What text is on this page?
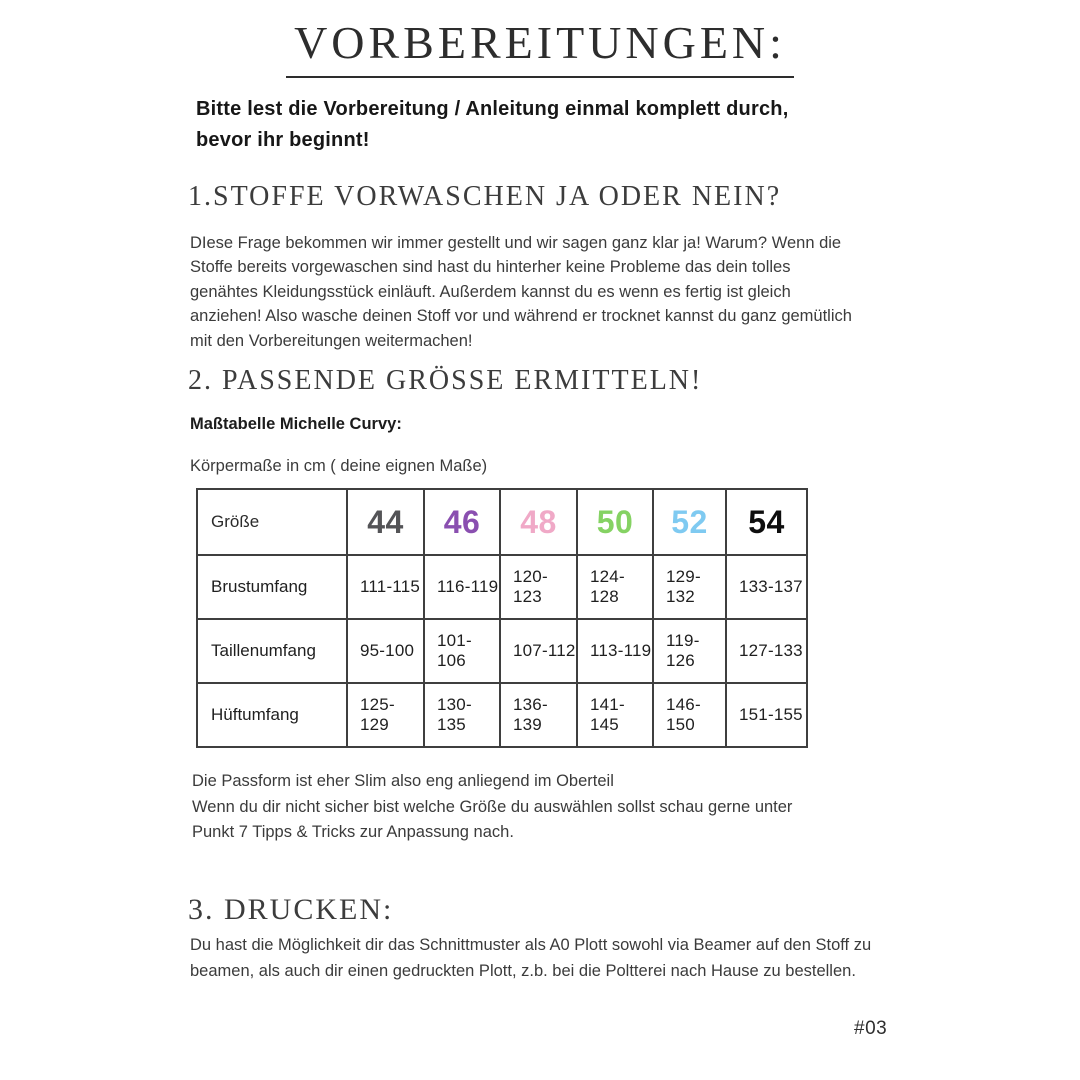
VORBEREITUNGEN:
Bitte lest die Vorbereitung / Anleitung einmal komplett durch,
bevor ihr beginnt!
1.STOFFE VORWASCHEN JA ODER NEIN?
DIese Frage bekommen wir immer gestellt und wir sagen ganz klar ja! Warum? Wenn die Stoffe bereits vorgewaschen sind hast du hinterher keine Probleme das dein tolles genähtes Kleidungsstück einläuft. Außerdem kannst du es wenn es fertig ist gleich anziehen! Also wasche deinen Stoff vor und während er trocknet kannst du ganz gemütlich mit den Vorbereitungen weitermachen!
2. PASSENDE GRÖSSE ERMITTELN!
Maßtabelle Michelle Curvy:
Körpermaße in cm ( deine eignen Maße)
Größe	44	46	48	50	52	54
Brustumfang	111-115	116-119	120-123	124-128	129-132	133-137
Taillenumfang	95-100	101-106	107-112	113-119	119-126	127-133
Hüftumfang	125-129	130-135	136-139	141-145	146-150	151-155
Die Passform ist eher Slim also eng anliegend im Oberteil
Wenn du dir nicht sicher bist welche Größe du auswählen sollst schau gerne unter
Punkt 7 Tipps & Tricks zur Anpassung nach.
3. DRUCKEN:
Du hast die Möglichkeit dir das Schnittmuster als A0 Plott sowohl via Beamer auf den Stoff zu beamen, als auch dir einen gedruckten Plott, z.b. bei die Poltterei nach Hause zu bestellen.
#03
